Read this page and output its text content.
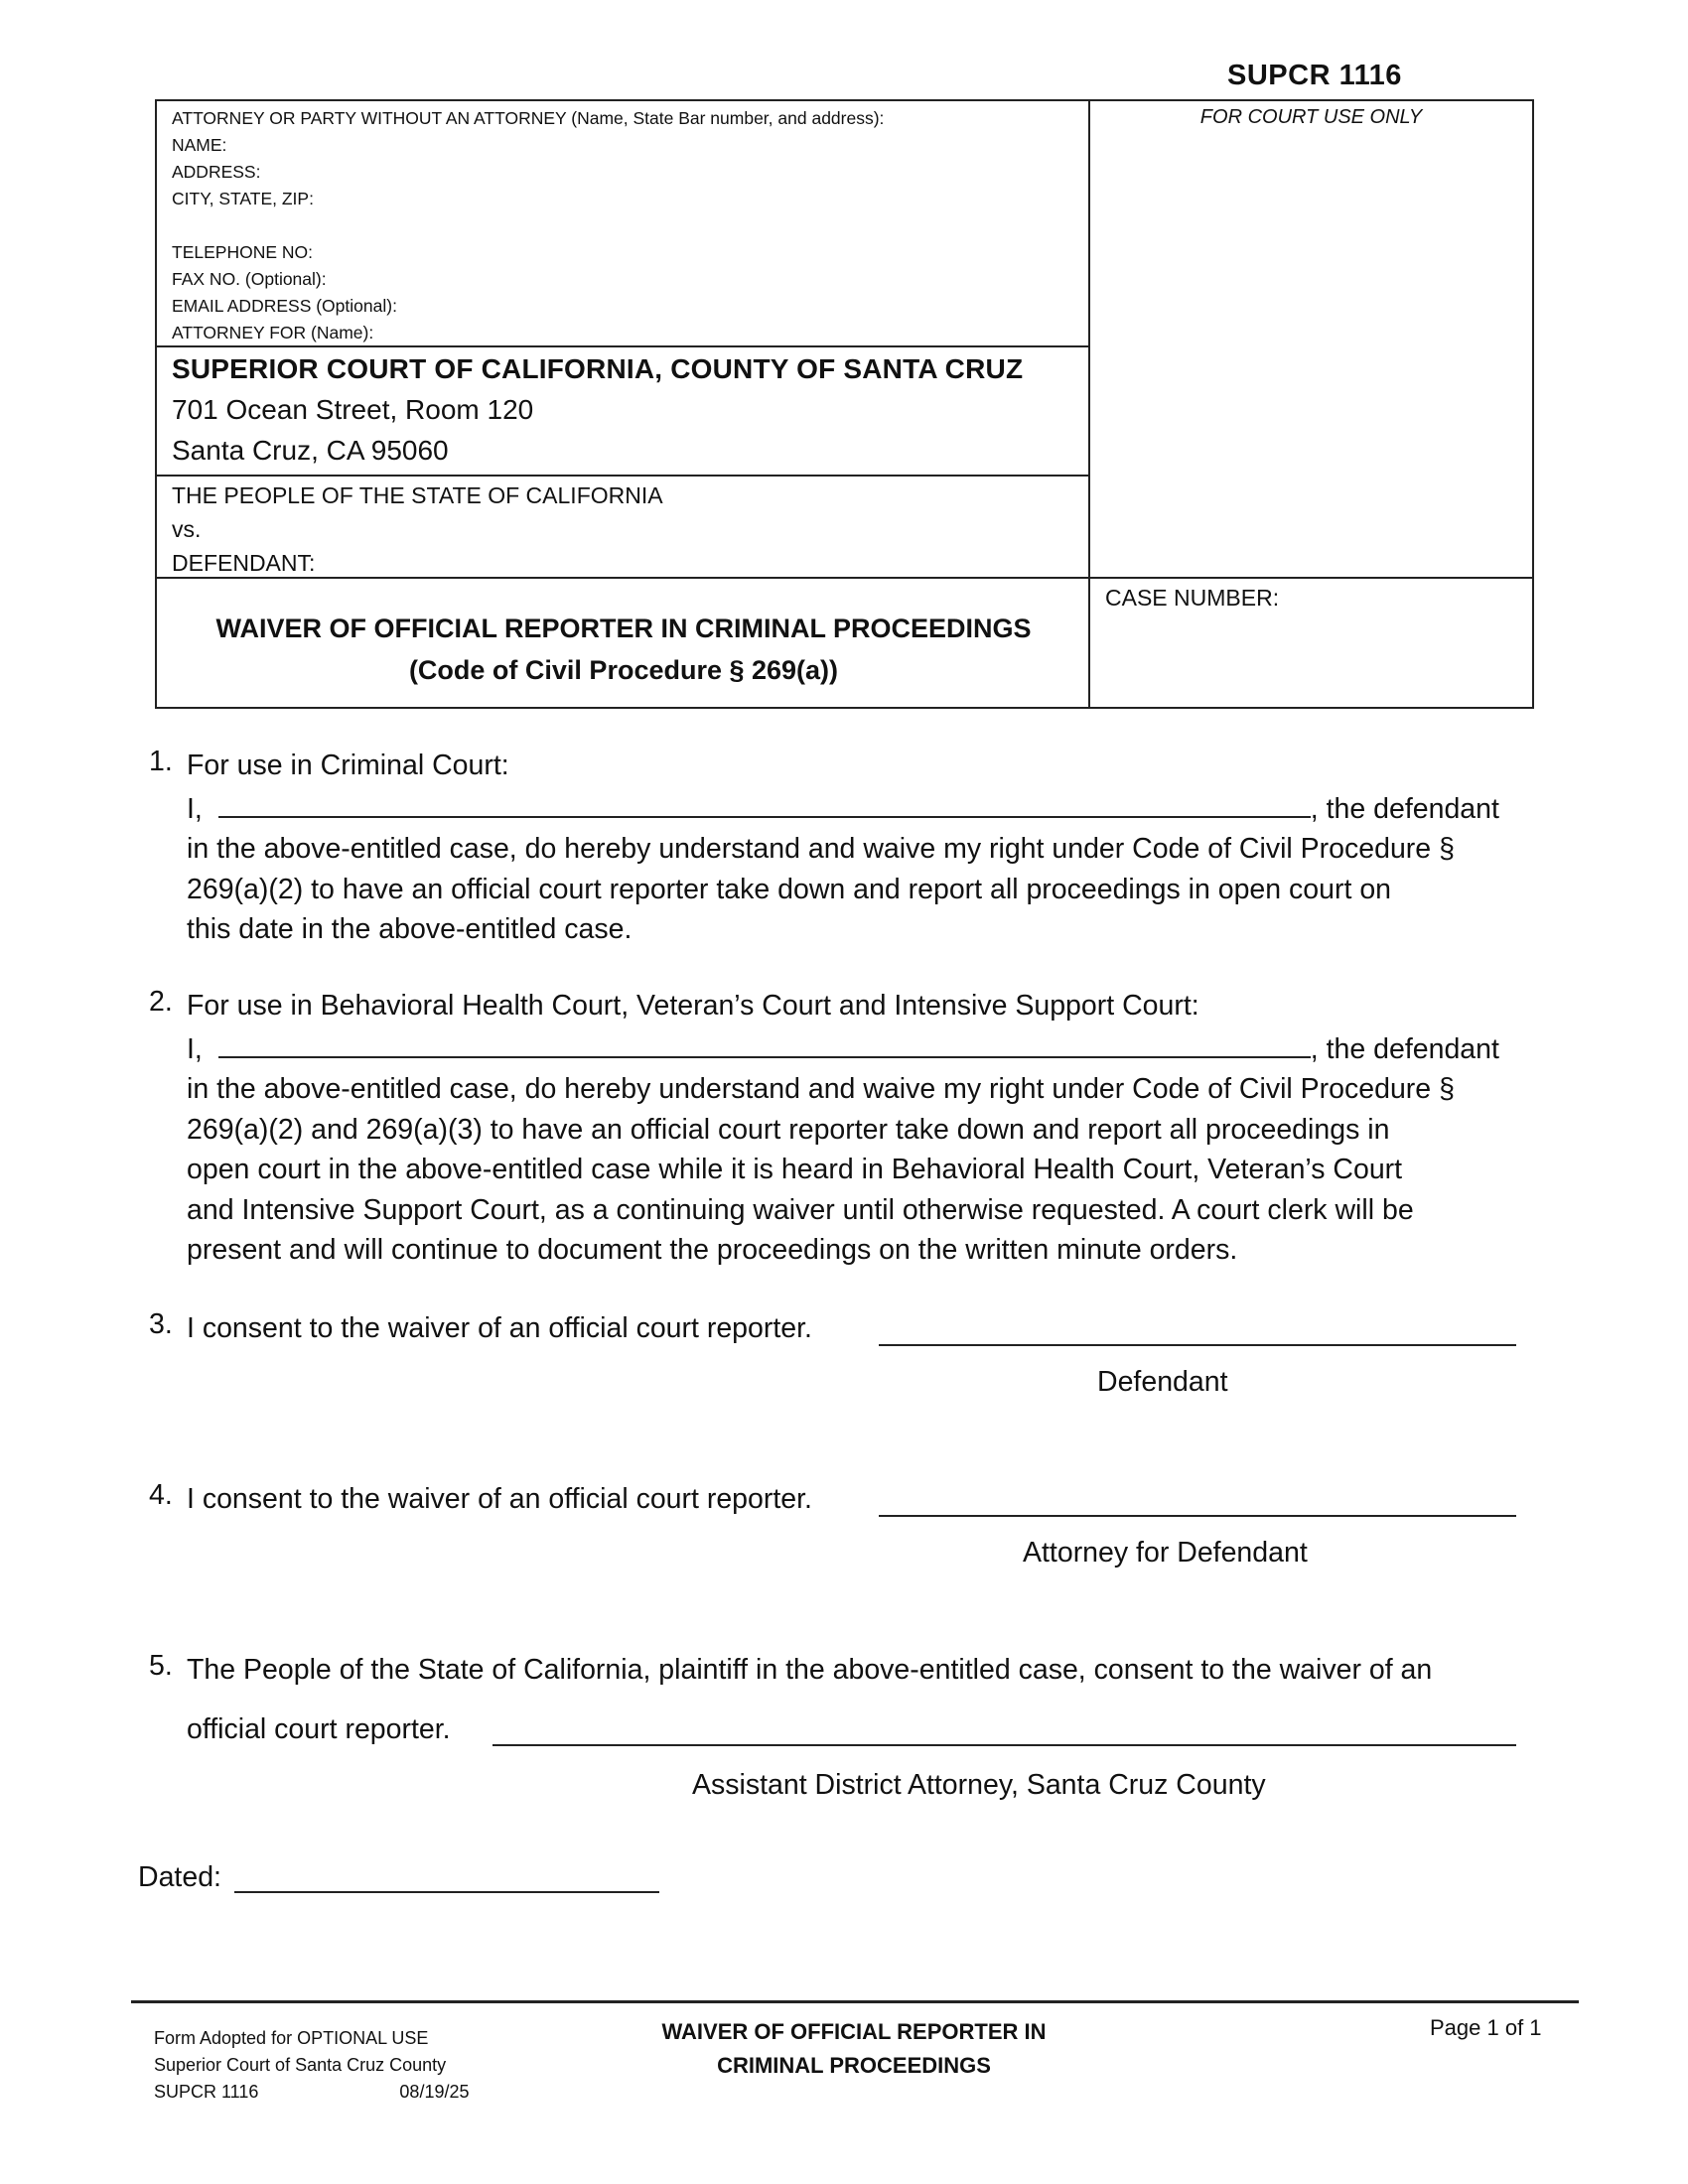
SUPCR 1116
ATTORNEY OR PARTY WITHOUT AN ATTORNEY (Name, State Bar number, and address):
NAME:
ADDRESS:
CITY, STATE, ZIP:
TELEPHONE NO:
FAX NO. (Optional):
EMAIL ADDRESS (Optional):
ATTORNEY FOR (Name):
SUPERIOR COURT OF CALIFORNIA, COUNTY OF SANTA CRUZ
701 Ocean Street, Room 120
Santa Cruz, CA 95060
THE PEOPLE OF THE STATE OF CALIFORNIA
vs.
DEFENDANT:
WAIVER OF OFFICIAL REPORTER IN CRIMINAL PROCEEDINGS
(Code of Civil Procedure § 269(a))
FOR COURT USE ONLY
CASE NUMBER:
1. For use in Criminal Court:
I,	, the defendant
in the above-entitled case, do hereby understand and waive my right under Code of Civil Procedure §
269(a)(2) to have an official court reporter take down and report all proceedings in open court on
this date in the above-entitled case.
2. For use in Behavioral Health Court, Veteran’s Court and Intensive Support Court:
I,	, the defendant
in the above-entitled case, do hereby understand and waive my right under Code of Civil Procedure §
269(a)(2) and 269(a)(3) to have an official court reporter take down and report all proceedings in
open court in the above-entitled case while it is heard in Behavioral Health Court, Veteran’s Court
and Intensive Support Court, as a continuing waiver until otherwise requested. A court clerk will be
present and will continue to document the proceedings on the written minute orders.
3. I consent to the waiver of an official court reporter.
Defendant
4. I consent to the waiver of an official court reporter.
Attorney for Defendant
5. The People of the State of California, plaintiff in the above-entitled case, consent to the waiver of an
official court reporter.
Assistant District Attorney, Santa Cruz County
Dated:
Form Adopted for OPTIONAL USE
Superior Court of Santa Cruz County
SUPCR 1116	08/19/25
WAIVER OF OFFICIAL REPORTER IN
CRIMINAL PROCEEDINGS
Page 1 of 1
